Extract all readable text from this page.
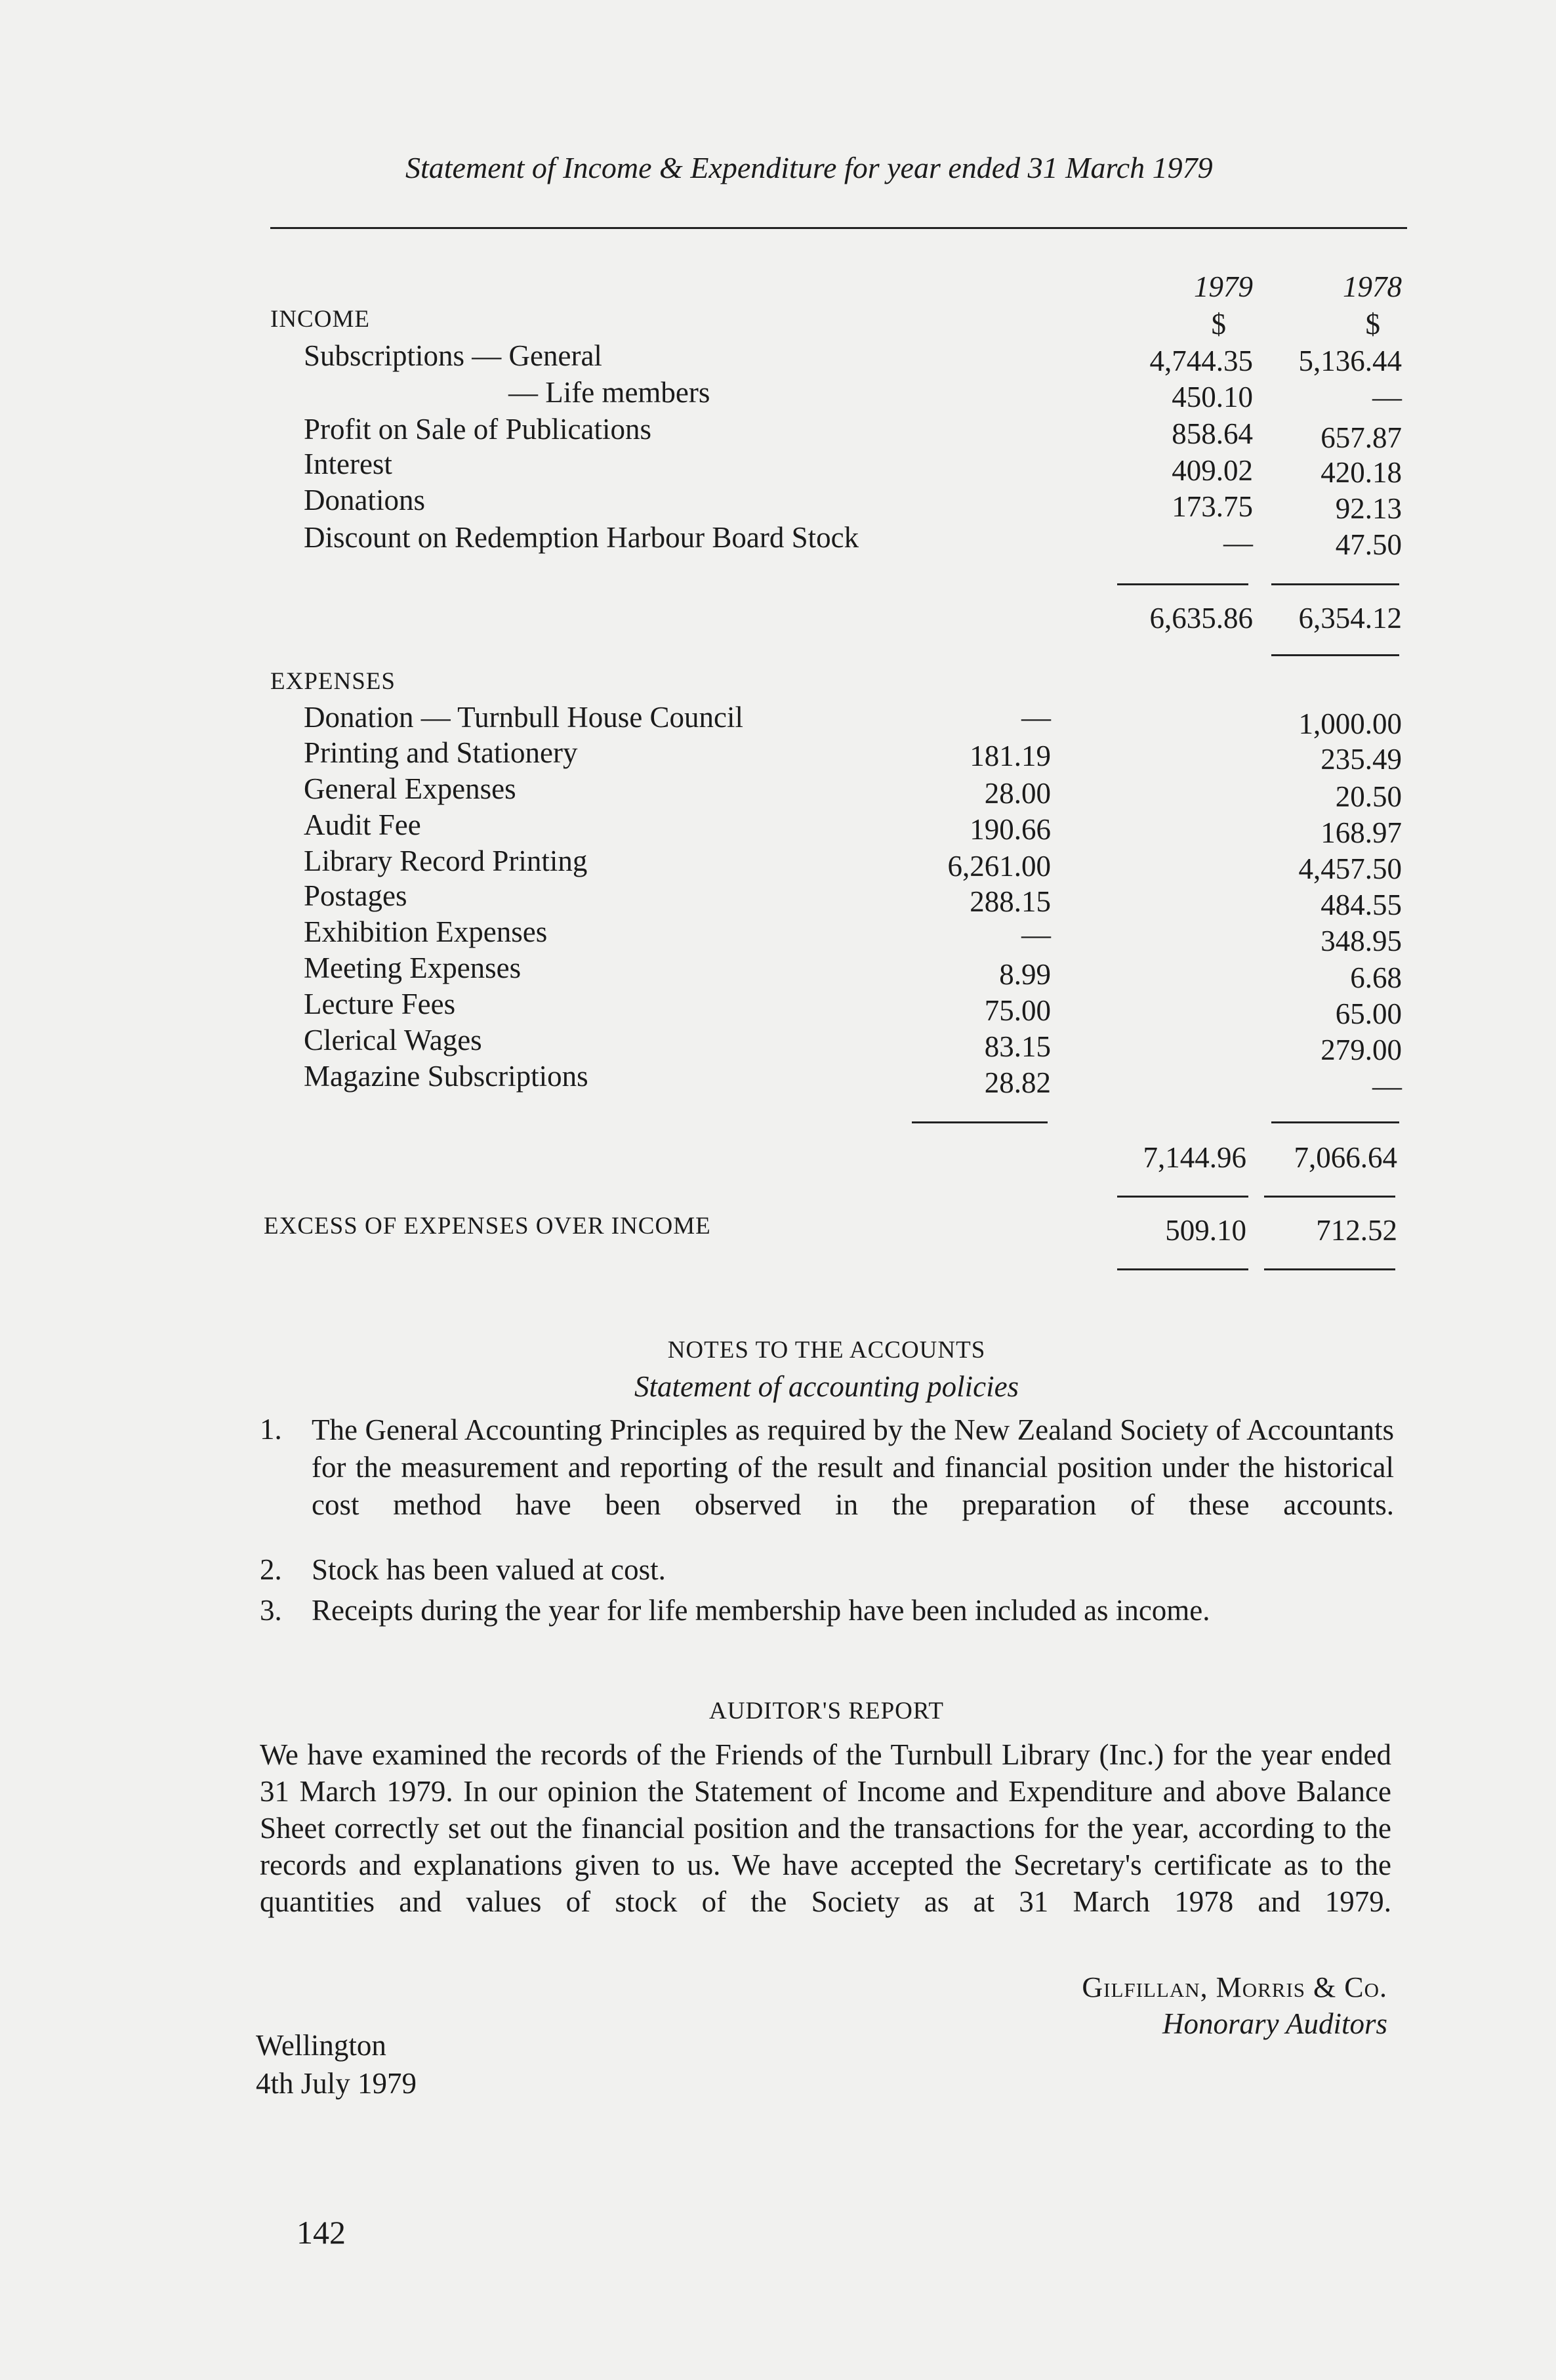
Statement of Income & Expenditure for year ended 31 March 1979
1979	1978
INCOME	$	$
Subscriptions — General	4,744.35 5,136.44
— Life members	450.10	—
Profit on Sale of Publications	858.64 657.87
Interest	409.02 420.18
Donations	173.75	92.13
Discount on Redemption Harbour Board Stock	—	47.50
6,635.86 6,354.12
EXPENSES
Donation — Turnbull House Council	—	1,000.00
Printing and Stationery	181.19	235.49
General Expenses	28.00	20.50
Audit Fee	190.66	168.97
Library Record Printing	6,261.00	4,457.50
Postages	288.15	484.55
Exhibition Expenses	—	348.95
Meeting Expenses	8.99	6.68
Lecture Fees	75.00	65.00
Clerical Wages	83.15	279.00
Magazine Subscriptions	28.82	—
7,144.96 7,066.64
EXCESS OF EXPENSES OVER INCOME	509.10 712.52
NOTES TO THE ACCOUNTS
Statement of accounting policies
1. The General Accounting Principles as required by the New Zealand Society of Accountants for the measurement and reporting of the result and financial position under the historical cost method have been observed in the preparation of these accounts.
2. Stock has been valued at cost.
3. Receipts during the year for life membership have been included as income.
AUDITOR'S REPORT
We have examined the records of the Friends of the Turnbull Library (Inc.) for the year ended 31 March 1979. In our opinion the Statement of Income and Expenditure and above Balance Sheet correctly set out the financial position and the transactions for the year, according to the records and explanations given to us. We have accepted the Secretary's certificate as to the quantities and values of stock of the Society as at 31 March 1978 and 1979.
Gilfillan, Morris & Co.
Honorary Auditors
Wellington
4th July 1979
142
